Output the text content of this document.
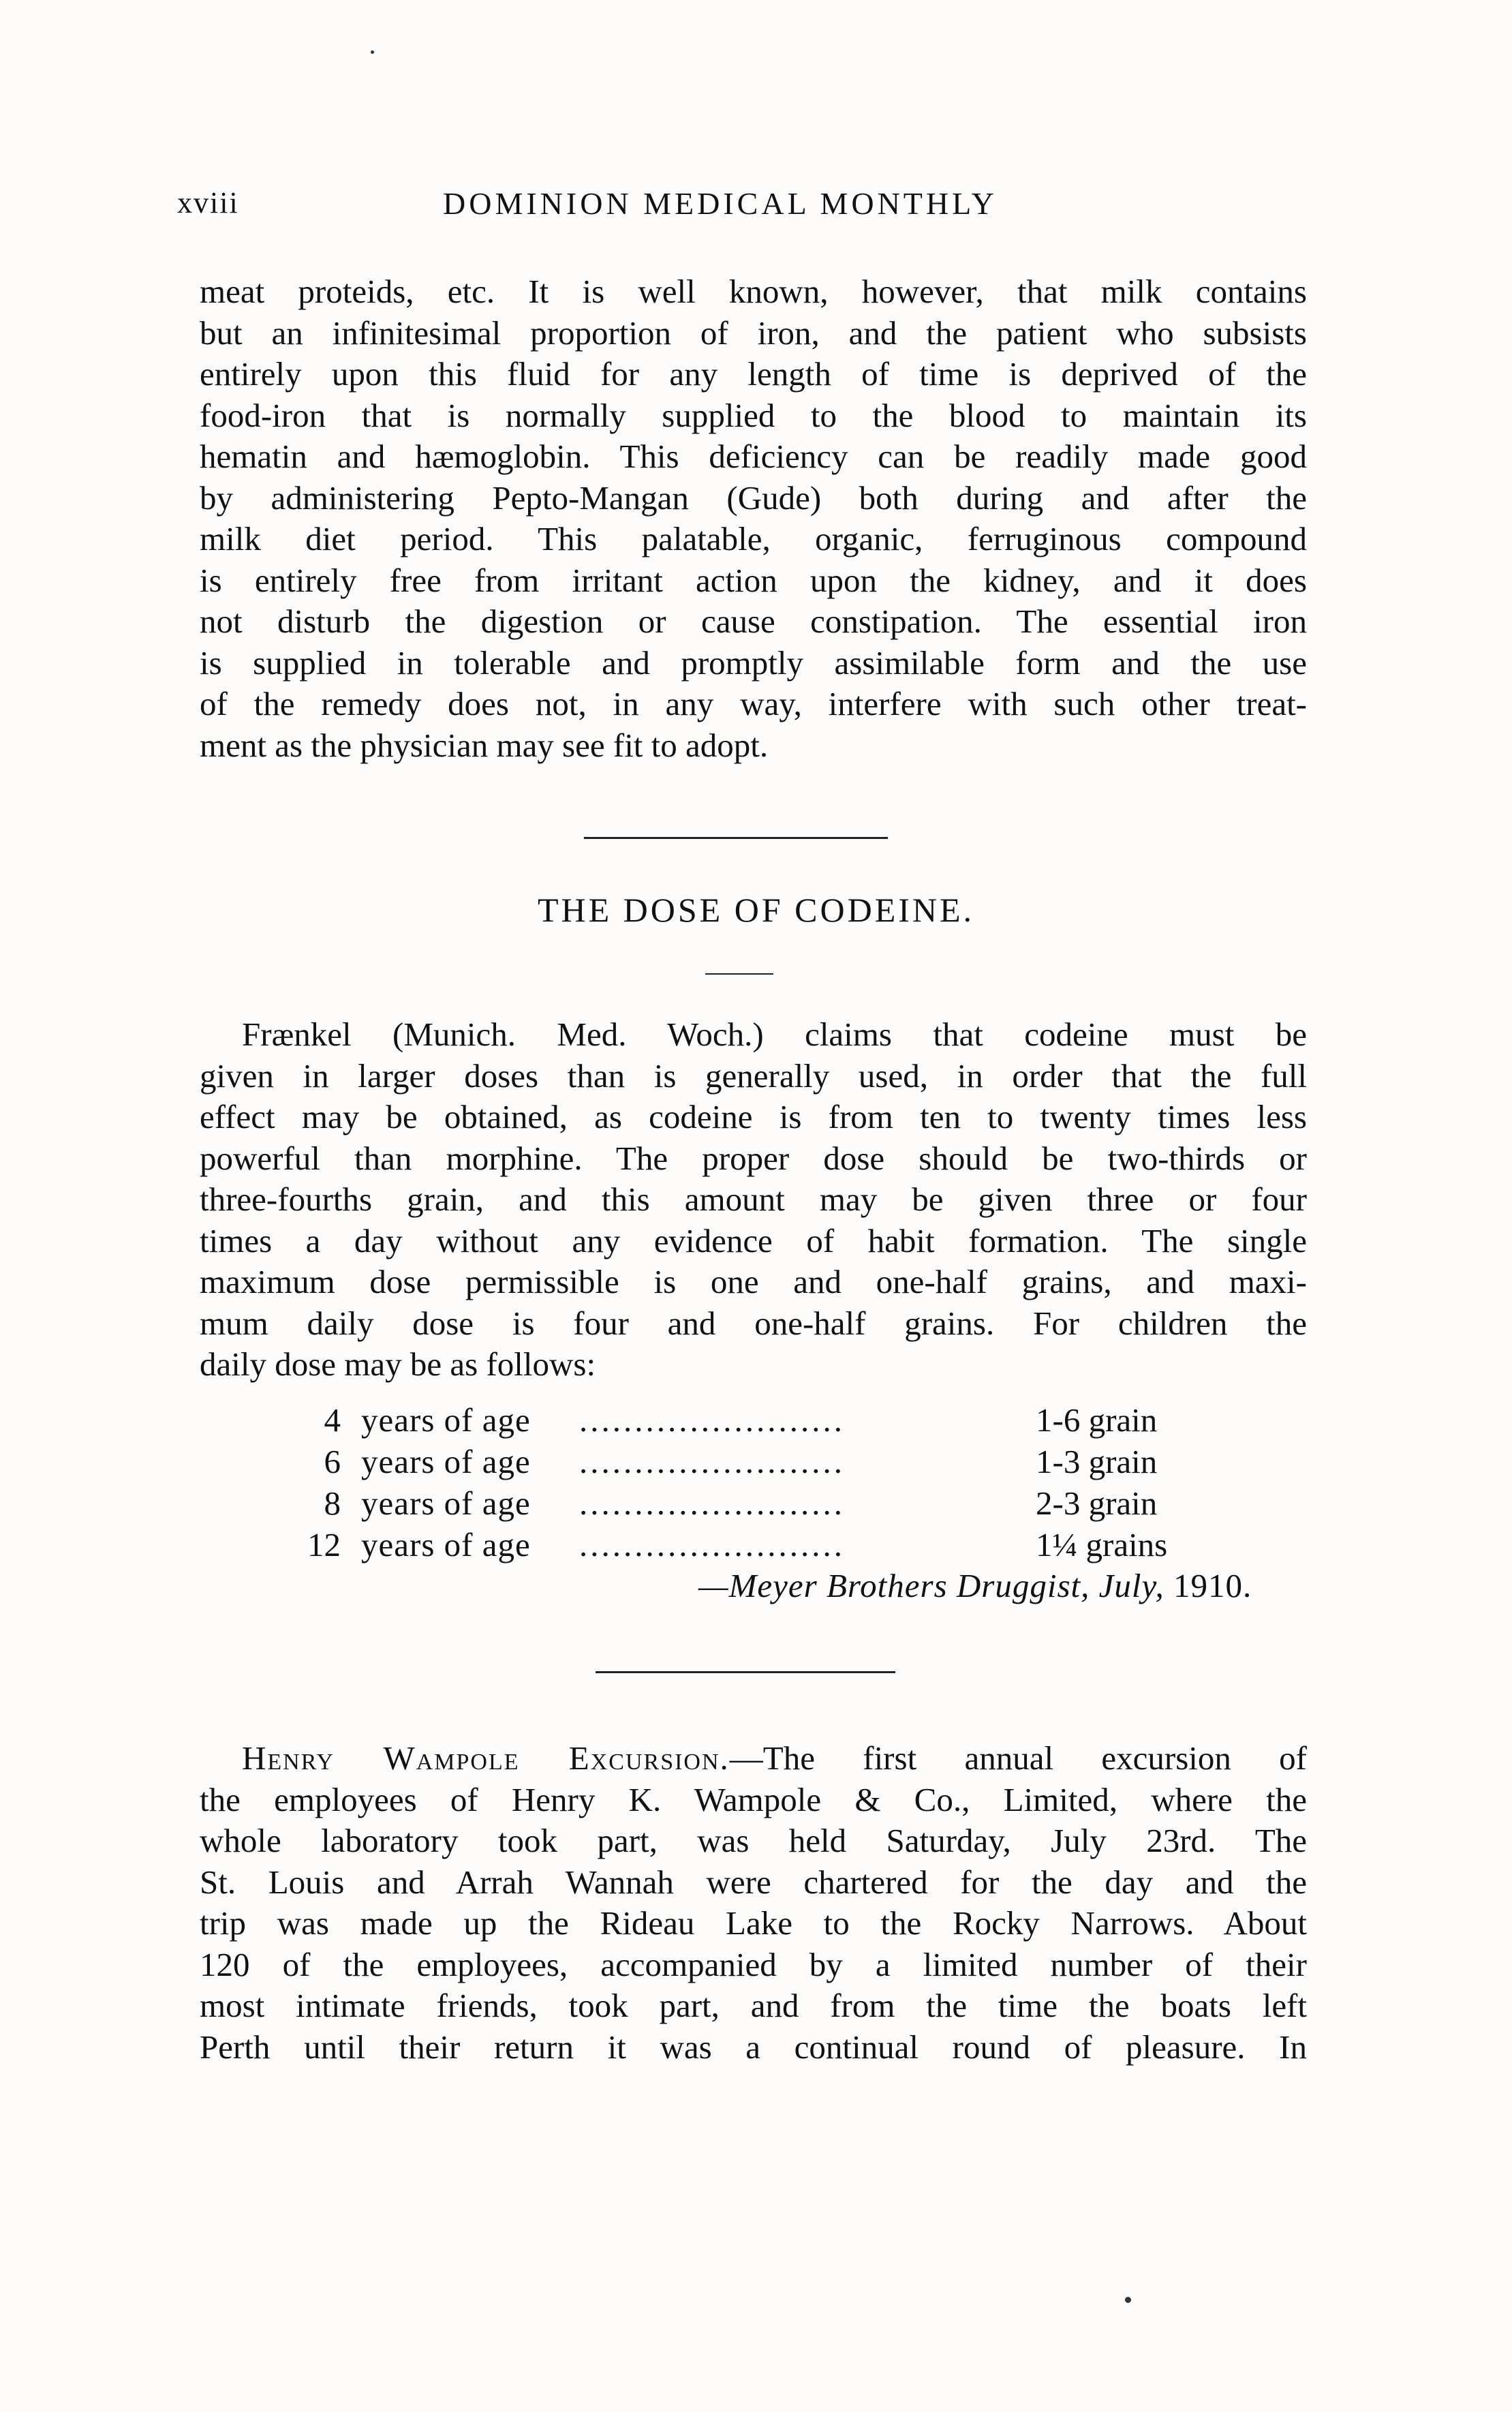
xviii	DOMINION MEDICAL MONTHLY

meat proteids, etc. It is well known, however, that milk contains
but an infinitesimal proportion of iron, and the patient who subsists
entirely upon this fluid for any length of time is deprived of the
food-iron that is normally supplied to the blood to maintain its
hematin and hæmoglobin. This deficiency can be readily made good
by administering Pepto-Mangan (Gude) both during and after the
milk diet period. This palatable, organic, ferruginous compound
is entirely free from irritant action upon the kidney, and it does
not disturb the digestion or cause constipation. The essential iron
is supplied in tolerable and promptly assimilable form and the use
of the remedy does not, in any way, interfere with such other treat-
ment as the physician may see fit to adopt.

THE DOSE OF CODEINE.

Frænkel (Munich. Med. Woch.) claims that codeine must be
given in larger doses than is generally used, in order that the full
effect may be obtained, as codeine is from ten to twenty times less
powerful than morphine. The proper dose should be two-thirds or
three-fourths grain, and this amount may be given three or four
times a day without any evidence of habit formation. The single
maximum dose permissible is one and one-half grains, and maxi-
mum daily dose is four and one-half grains. For children the
daily dose may be as follows:

4 years of age ........................	1-6 grain
6 years of age ........................	1-3 grain
8 years of age ........................	2-3 grain
12 years of age ........................	1¼ grains
—Meyer Brothers Druggist, July, 1910.

Henry Wampole Excursion.—The first annual excursion of
the employees of Henry K. Wampole & Co., Limited, where the
whole laboratory took part, was held Saturday, July 23rd. The
St. Louis and Arrah Wannah were chartered for the day and the
trip was made up the Rideau Lake to the Rocky Narrows. About
120 of the employees, accompanied by a limited number of their
most intimate friends, took part, and from the time the boats left
Perth until their return it was a continual round of pleasure. In
